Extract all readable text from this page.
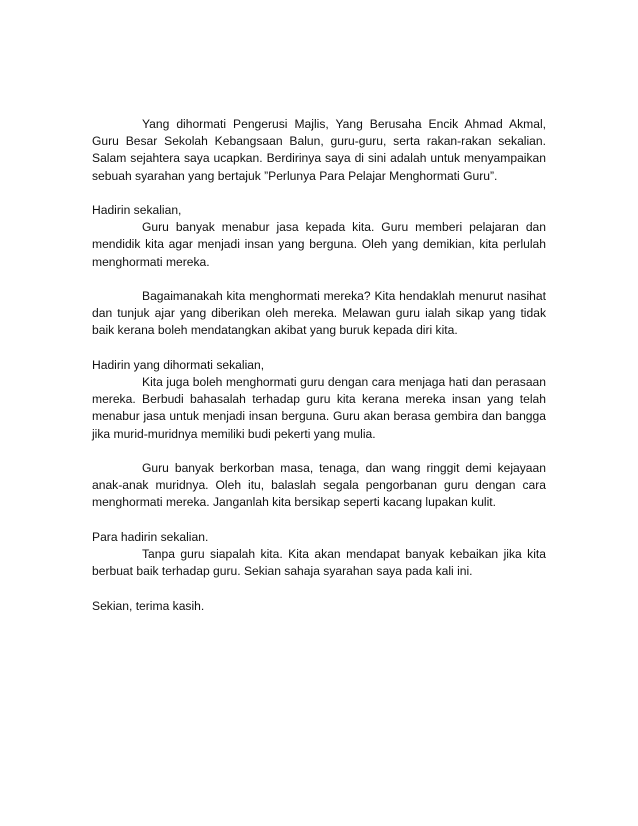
Yang dihormati Pengerusi Majlis, Yang Berusaha Encik Ahmad Akmal, Guru Besar Sekolah Kebangsaan Balun, guru-guru, serta rakan-rakan sekalian. Salam sejahtera saya ucapkan. Berdirinya saya di sini adalah untuk menyampaikan sebuah syarahan yang bertajuk ”Perlunya Para Pelajar Menghormati Guru”.

Hadirin sekalian,

Guru banyak menabur jasa kepada kita. Guru memberi pelajaran dan mendidik kita agar menjadi insan yang berguna. Oleh yang demikian, kita perlulah menghormati mereka.

Bagaimanakah kita menghormati mereka? Kita hendaklah menurut nasihat dan tunjuk ajar yang diberikan oleh mereka. Melawan guru ialah sikap yang tidak baik kerana boleh mendatangkan akibat yang buruk kepada diri kita.

Hadirin yang dihormati sekalian,

Kita juga boleh menghormati guru dengan cara menjaga hati dan perasaan mereka. Berbudi bahasalah terhadap guru kita kerana mereka insan yang telah menabur jasa untuk menjadi insan berguna. Guru akan berasa gembira dan bangga jika murid-muridnya memiliki budi pekerti yang mulia.

Guru banyak berkorban masa, tenaga, dan wang ringgit demi kejayaan anak-anak muridnya. Oleh itu, balaslah segala pengorbanan guru dengan cara menghormati mereka. Janganlah kita bersikap seperti kacang lupakan kulit.

Para hadirin sekalian.

Tanpa guru siapalah kita. Kita akan mendapat banyak kebaikan jika kita berbuat baik terhadap guru. Sekian sahaja syarahan saya pada kali ini.

Sekian, terima kasih.
